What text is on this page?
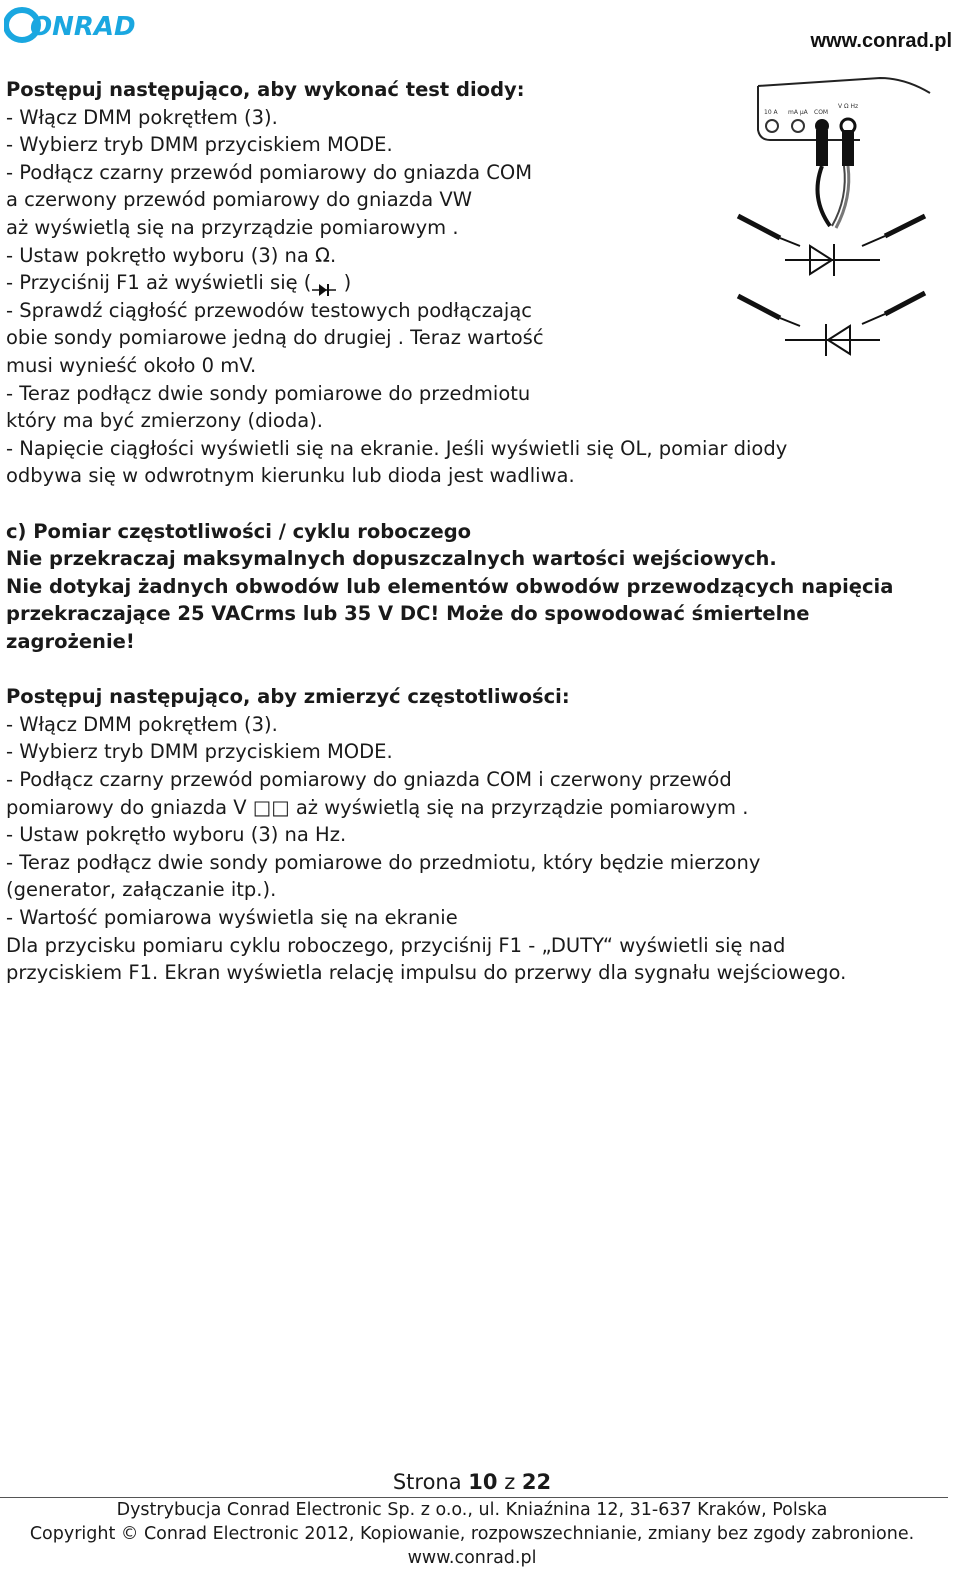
ONRAD	www.conrad.pl
10 A mA µA COM
V Ω Hz
Postępuj następująco, aby wykonać test diody:
- Włącz DMM pokrętłem (3).
- Wybierz tryb DMM przyciskiem MODE.
- Podłącz czarny przewód pomiarowy do gniazda COM
a czerwony przewód pomiarowy do gniazda VW
aż wyświetlą się na przyrządzie pomiarowym .
- Ustaw pokrętło wyboru (3) na Ω.
- Przyciśnij F1 aż wyświetli się ( )
- Sprawdź ciągłość przewodów testowych podłączając
obie sondy pomiarowe jedną do drugiej . Teraz wartość
musi wynieść około 0 mV.
- Teraz podłącz dwie sondy pomiarowe do przedmiotu
który ma być zmierzony (dioda).
- Napięcie ciągłości wyświetli się na ekranie. Jeśli wyświetli się OL, pomiar diody
odbywa się w odwrotnym kierunku lub dioda jest wadliwa.
c) Pomiar częstotliwości / cyklu roboczego
Nie przekraczaj maksymalnych dopuszczalnych wartości wejściowych.
Nie dotykaj żadnych obwodów lub elementów obwodów przewodzących napięcia
przekraczające 25 VACrms lub 35 V DC! Może do spowodować śmiertelne
zagrożenie!
Postępuj następująco, aby zmierzyć częstotliwości:
- Włącz DMM pokrętłem (3).
- Wybierz tryb DMM przyciskiem MODE.
- Podłącz czarny przewód pomiarowy do gniazda COM i czerwony przewód
pomiarowy do gniazda V □□ aż wyświetlą się na przyrządzie pomiarowym .
- Ustaw pokrętło wyboru (3) na Hz.
- Teraz podłącz dwie sondy pomiarowe do przedmiotu, który będzie mierzony
(generator, załączanie itp.).
- Wartość pomiarowa wyświetla się na ekranie
Dla przycisku pomiaru cyklu roboczego, przyciśnij F1 - „DUTY“ wyświetli się nad
przyciskiem F1. Ekran wyświetla relację impulsu do przerwy dla sygnału wejściowego.
Strona 10 z 22
Dystrybucja Conrad Electronic Sp. z o.o., ul. Kniaźnina 12, 31-637 Kraków, Polska
Copyright © Conrad Electronic 2012, Kopiowanie, rozpowszechnianie, zmiany bez zgody zabronione.
www.conrad.pl
